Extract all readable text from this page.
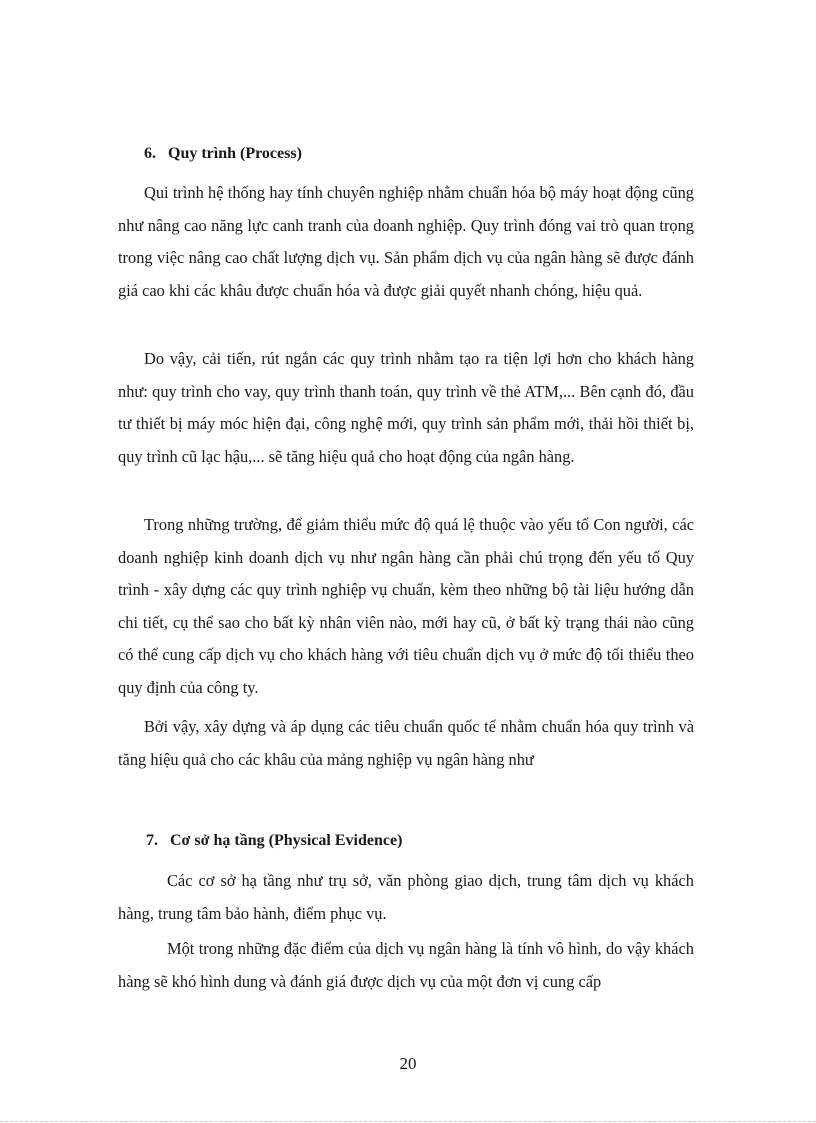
6. Quy trình (Process)

Qui trình hệ thống hay tính chuyên nghiệp nhằm chuẩn hóa bộ máy hoạt động cũng như nâng cao năng lực canh tranh của doanh nghiệp. Quy trình đóng vai trò quan trọng trong việc nâng cao chất lượng dịch vụ. Sản phẩm dịch vụ của ngân hàng sẽ được đánh giá cao khi các khâu được chuẩn hóa và được giải quyết nhanh chóng, hiệu quả.

Do vậy, cải tiến, rút ngắn các quy trình nhằm tạo ra tiện lợi hơn cho khách hàng như: quy trình cho vay, quy trình thanh toán, quy trình về thẻ ATM,... Bên cạnh đó, đầu tư thiết bị máy móc hiện đại, công nghệ mới, quy trình sản phẩm mới, thải hồi thiết bị, quy trình cũ lạc hậu,... sẽ tăng hiệu quả cho hoạt động của ngân hàng.

Trong những trường, để giảm thiểu mức độ quá lệ thuộc vào yếu tố Con người, các doanh nghiệp kinh doanh dịch vụ như ngân hàng cần phải chú trọng đến yếu tố Quy trình - xây dựng các quy trình nghiệp vụ chuẩn, kèm theo những bộ tài liệu hướng dẫn chi tiết, cụ thể sao cho bất kỳ nhân viên nào, mới hay cũ, ở bất kỳ trạng thái nào cũng có thể cung cấp dịch vụ cho khách hàng với tiêu chuẩn dịch vụ ở mức độ tối thiểu theo quy định của công ty.

Bởi vậy, xây dựng và áp dụng các tiêu chuẩn quốc tế nhằm chuẩn hóa quy trình và tăng hiệu quả cho các khâu của mảng nghiệp vụ ngân hàng như

7. Cơ sở hạ tầng (Physical Evidence)

Các cơ sở hạ tầng như trụ sở, văn phòng giao dịch, trung tâm dịch vụ khách hàng, trung tâm bảo hành, điểm phục vụ.

Một trong những đặc điểm của dịch vụ ngân hàng là tính vô hình, do vậy khách hàng sẽ khó hình dung và đánh giá được dịch vụ của một đơn vị cung cấp

20
